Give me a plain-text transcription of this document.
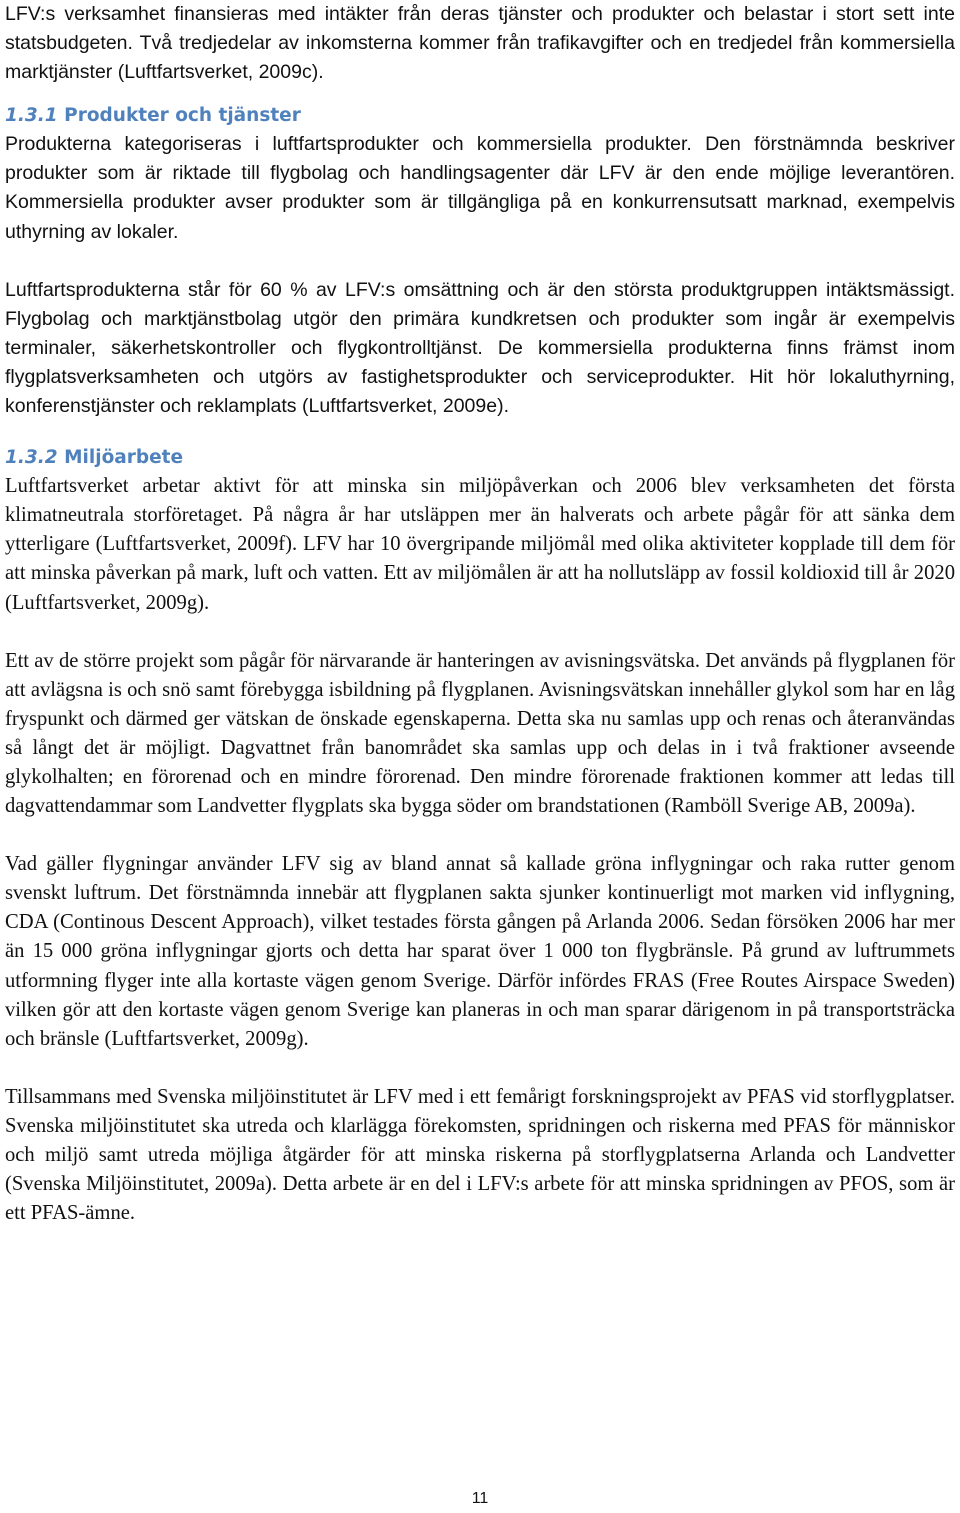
LFV:s verksamhet finansieras med intäkter från deras tjänster och produkter och belastar i stort sett inte statsbudgeten. Två tredjedelar av inkomsterna kommer från trafikavgifter och en tredjedel från kommersiella marktjänster (Luftfartsverket, 2009c).

1.3.1 Produkter och tjänster

Produkterna kategoriseras i luftfartsprodukter och kommersiella produkter. Den förstnämnda beskriver produkter som är riktade till flygbolag och handlingsagenter där LFV är den ende möjlige leverantören. Kommersiella produkter avser produkter som är tillgängliga på en konkurrensutsatt marknad, exempelvis uthyrning av lokaler.

Luftfartsprodukterna står för 60 % av LFV:s omsättning och är den största produktgruppen intäktsmässigt. Flygbolag och marktjänstbolag utgör den primära kundkretsen och produkter som ingår är exempelvis terminaler, säkerhetskontroller och flygkontrolltjänst. De kommersiella produkterna finns främst inom flygplatsverksamheten och utgörs av fastighetsprodukter och serviceprodukter. Hit hör lokaluthyrning, konferenstjänster och reklamplats (Luftfartsverket, 2009e).

1.3.2 Miljöarbete

Luftfartsverket arbetar aktivt för att minska sin miljöpåverkan och 2006 blev verksamheten det första klimatneutrala storföretaget. På några år har utsläppen mer än halverats och arbete pågår för att sänka dem ytterligare (Luftfartsverket, 2009f). LFV har 10 övergripande miljömål med olika aktiviteter kopplade till dem för att minska påverkan på mark, luft och vatten. Ett av miljömålen är att ha nollutsläpp av fossil koldioxid till år 2020 (Luftfartsverket, 2009g).

Ett av de större projekt som pågår för närvarande är hanteringen av avisningsvätska. Det används på flygplanen för att avlägsna is och snö samt förebygga isbildning på flygplanen. Avisningsvätskan innehåller glykol som har en låg fryspunkt och därmed ger vätskan de önskade egenskaperna. Detta ska nu samlas upp och renas och återanvändas så långt det är möjligt. Dagvattnet från banområdet ska samlas upp och delas in i två fraktioner avseende glykolhalten; en förorenad och en mindre förorenad. Den mindre förorenade fraktionen kommer att ledas till dagvattendammar som Landvetter flygplats ska bygga söder om brandstationen (Ramböll Sverige AB, 2009a).

Vad gäller flygningar använder LFV sig av bland annat så kallade gröna inflygningar och raka rutter genom svenskt luftrum. Det förstnämnda innebär att flygplanen sakta sjunker kontinuerligt mot marken vid inflygning, CDA (Continous Descent Approach), vilket testades första gången på Arlanda 2006. Sedan försöken 2006 har mer än 15 000 gröna inflygningar gjorts och detta har sparat över 1 000 ton flygbränsle. På grund av luftrummets utformning flyger inte alla kortaste vägen genom Sverige. Därför infördes FRAS (Free Routes Airspace Sweden) vilken gör att den kortaste vägen genom Sverige kan planeras in och man sparar därigenom in på transportsträcka och bränsle (Luftfartsverket, 2009g).

Tillsammans med Svenska miljöinstitutet är LFV med i ett femårigt forskningsprojekt av PFAS vid storflygplatser. Svenska miljöinstitutet ska utreda och klarlägga förekomsten, spridningen och riskerna med PFAS för människor och miljö samt utreda möjliga åtgärder för att minska riskerna på storflygplatserna Arlanda och Landvetter (Svenska Miljöinstitutet, 2009a). Detta arbete är en del i LFV:s arbete för att minska spridningen av PFOS, som är ett PFAS-ämne.

11
